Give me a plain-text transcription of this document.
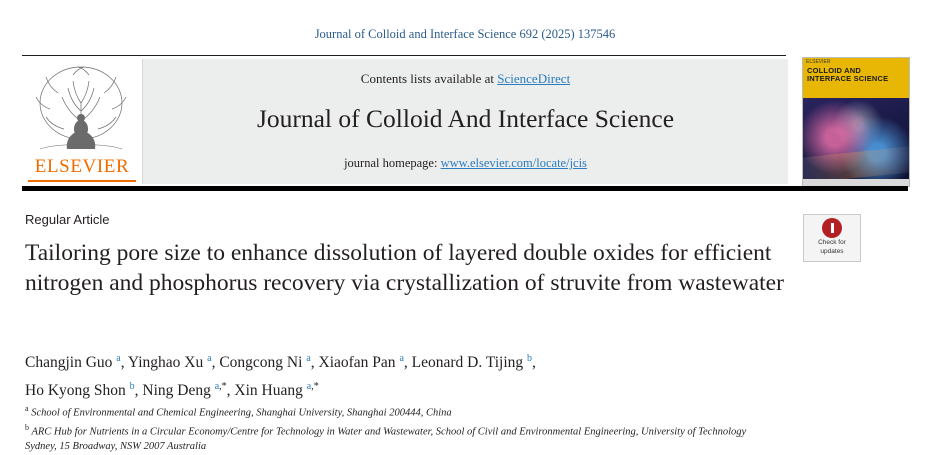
Journal of Colloid and Interface Science 692 (2025) 137546
ELSEVIER
Contents lists available at ScienceDirect
Journal of Colloid And Interface Science
journal homepage: www.elsevier.com/locate/jcis
ELSEVIER
COLLOID AND INTERFACE SCIENCE
Regular Article
Tailoring pore size to enhance dissolution of layered double oxides for efficient nitrogen and phosphorus recovery via crystallization of struvite from wastewater
Check for
updates
Changjin Guo $^a$, Yinghao Xu $^a$, Congcong Ni $^a$, Xiaofan Pan $^a$, Leonard D. Tijing $^b$,
Ho Kyong Shon $^b$, Ning Deng $^{a,*}$, Xin Huang $^{a,*}$
$^a$ School of Environmental and Chemical Engineering, Shanghai University, Shanghai 200444, China
$^b$ ARC Hub for Nutrients in a Circular Economy/Centre for Technology in Water and Wastewater, School of Civil and Environmental Engineering, University of Technology Sydney, 15 Broadway, NSW 2007 Australia
